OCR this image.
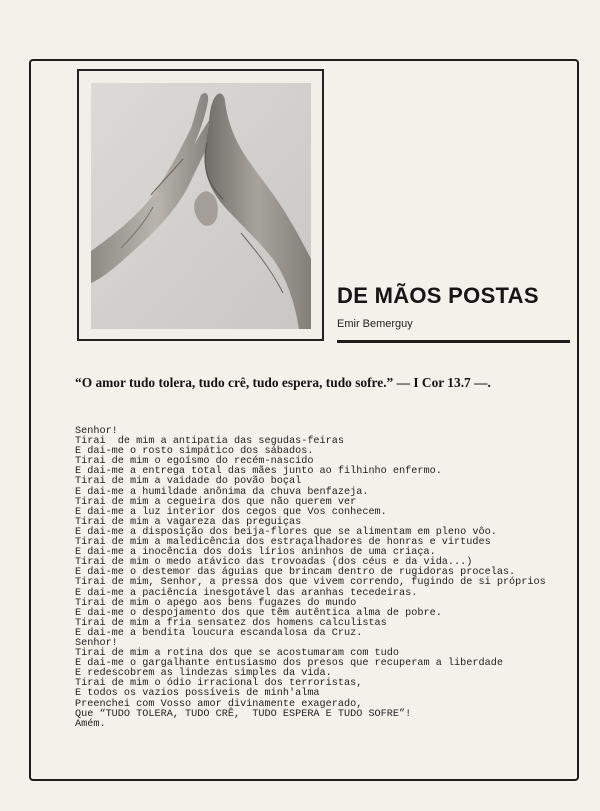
DE MÃOS POSTAS
Emir Bemerguy
“O amor tudo tolera, tudo crê, tudo espera, tudo sofre.” — I Cor 13.7 —.
Senhor!
Tirai  de mim a antipatia das segudas-feiras
E dai-me o rosto simpático dos sábados.
Tirai de mim o egoísmo do recém-nascido
E dai-me a entrega total das mães junto ao filhinho enfermo.
Tirai de mim a vaidade do povão boçal
E dai-me a humildade anônima da chuva benfazeja.
Tirai de mim a cegueira dos que não querem ver
E dai-me a luz interior dos cegos que Vos conhecem.
Tirai de mim a vagareza das preguiças
E dai-me a disposição dos beija-flores que se alimentam em pleno vôo.
Tirai de mim a maledicência dos estraçalhadores de honras e virtudes
E dai-me a inocência dos dois lírios aninhos de uma criaça.
Tirai de mim o medo atávico das trovoadas (dos céus e da vida...)
E dai-me o destemor das águias que brincam dentro de rugidoras procelas.
Tirai de mim, Senhor, a pressa dos que vivem correndo, fugindo de si próprios
E dai-me a paciência inesgotável das aranhas tecedeiras.
Tirai de mim o apego aos bens fugazes do mundo
E dai-me o despojamento dos que têm autêntica alma de pobre.
Tirai de mim a fria sensatez dos homens calculistas
E dai-me a bendita loucura escandalosa da Cruz.
Senhor!
Tirai de mim a rotina dos que se acostumaram com tudo
E dai-me o gargalhante entusiasmo dos presos que recuperam a liberdade
E redescobrem as lindezas simples da vida.
Tirai de mim o ódio irracional dos terroristas,
E todos os vazios possíveis de minh'alma
Preenchei com Vosso amor divinamente exagerado,
Que “TUDO TOLERA, TUDO CRÊ,  TUDO ESPERA E TUDO SOFRE”!
Amém.
